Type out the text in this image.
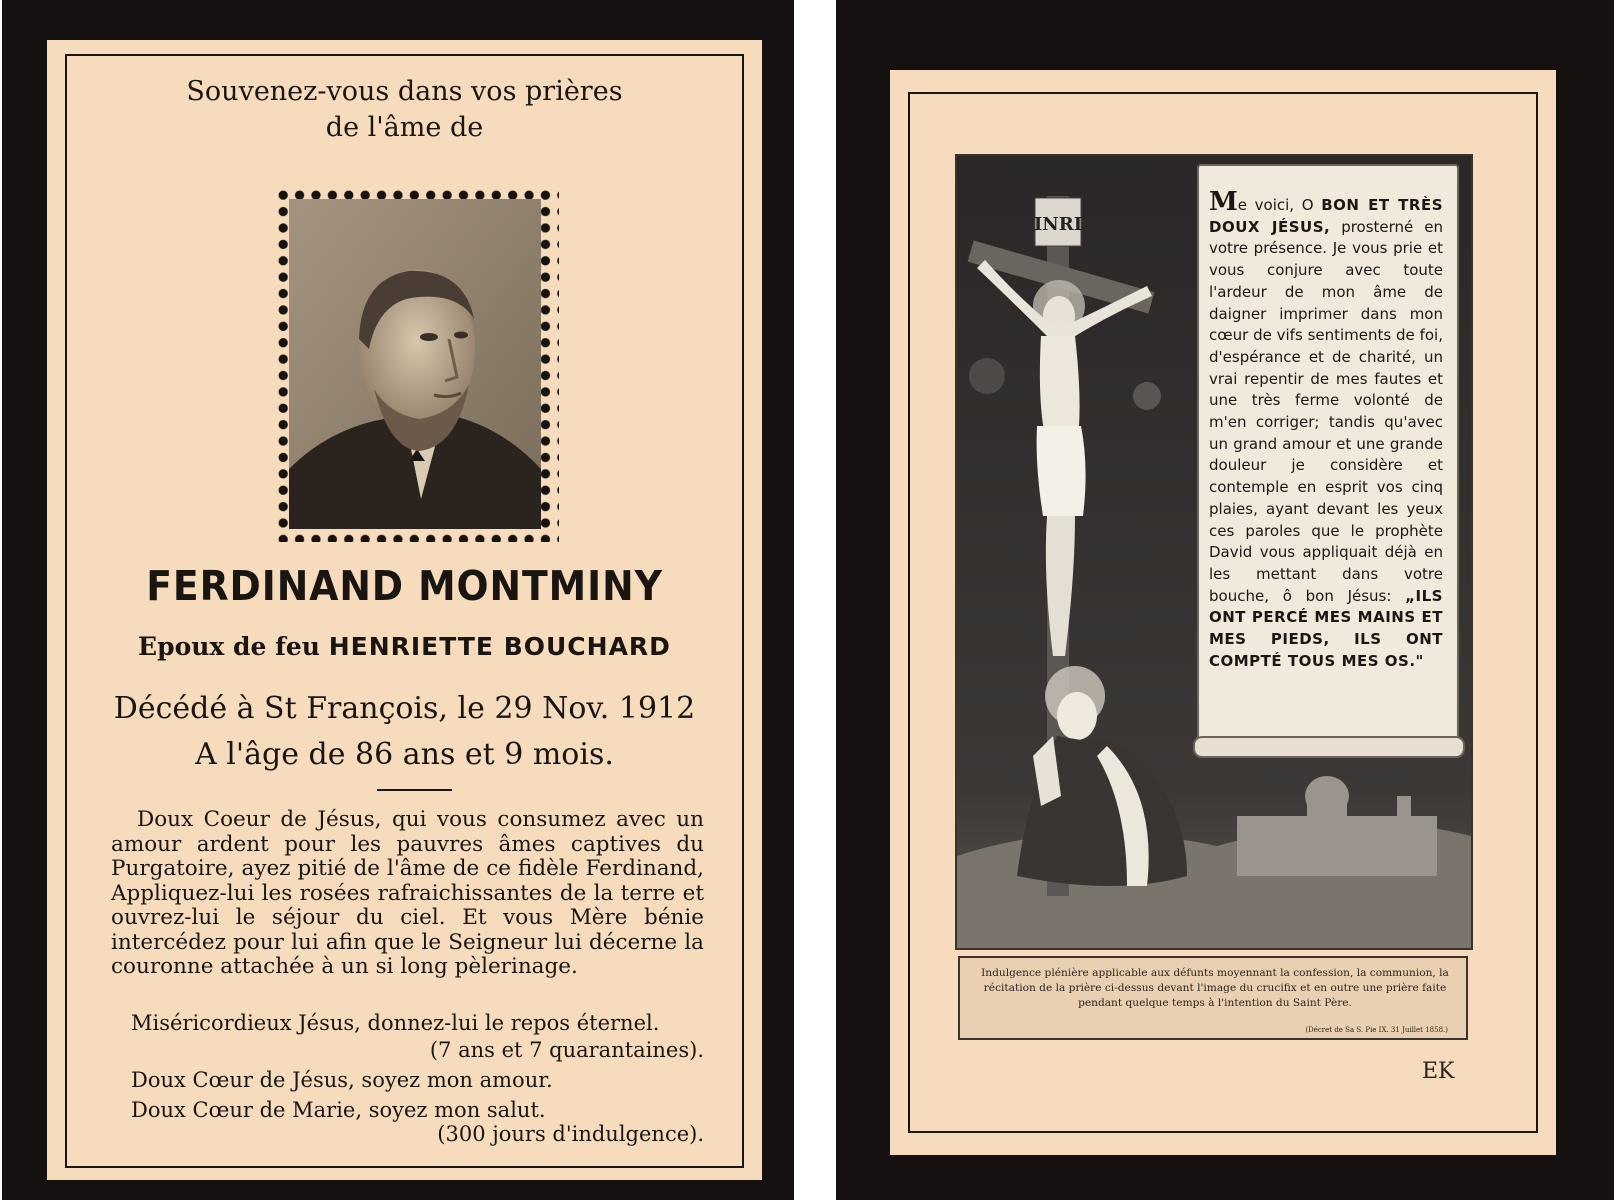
Souvenez-vous dans vos prières
de l'âme de
FERDINAND MONTMINY
Epoux de feu HENRIETTE BOUCHARD
Décédé à St François, le 29 Nov. 1912
A l'âge de 86 ans et 9 mois.
Doux Coeur de Jésus, qui vous consumez avec un amour ardent pour les pauvres âmes captives du Purgatoire, ayez pitié de l'âme de ce fidèle Ferdinand, Appliquez-lui les rosées rafraichissantes de la terre et ouvrez-lui le séjour du ciel. Et vous Mère bénie intercédez pour lui afin que le Seigneur lui décerne la couronne attachée à un si long pèlerinage.
Miséricordieux Jésus, donnez-lui le repos éternel.
(7 ans et 7 quarantaines).
Doux Cœur de Jésus, soyez mon amour.
Doux Cœur de Marie, soyez mon salut.
(300 jours d'indulgence).
INRI
Me voici, O BON ET TRÈS DOUX JÉSUS, prosterné en votre présence. Je vous prie et vous conjure avec toute l'ardeur de mon âme de daigner imprimer dans mon cœur de vifs sentiments de foi, d'espérance et de charité, un vrai repentir de mes fautes et une très ferme volonté de m'en corriger; tandis qu'avec un grand amour et une grande douleur je considère et contemple en esprit vos cinq plaies, ayant devant les yeux ces paroles que le prophète David vous appliquait déjà en les mettant dans votre bouche, ô bon Jésus: „ILS ONT PERCÉ MES MAINS ET MES PIEDS, ILS ONT COMPTÉ TOUS MES OS."
Indulgence plénière applicable aux défunts moyennant la confession, la communion, la récitation de la prière ci-dessus devant l'image du crucifix et en outre une prière faite pendant quelque temps à l'intention du Saint Père.
(Décret de Sa S. Pie IX. 31 Juillet 1858.)
EK
